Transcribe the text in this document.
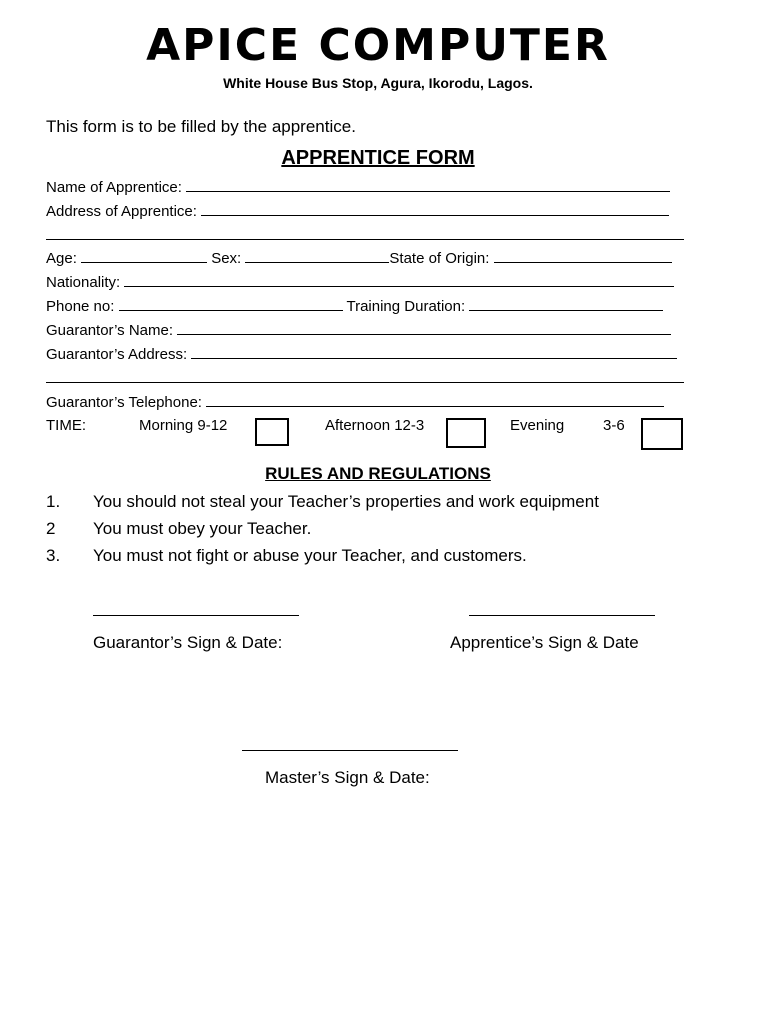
APICE COMPUTER
White House Bus Stop, Agura, Ikorodu, Lagos.
This form is to be filled by the apprentice.
APPRENTICE FORM
Name of Apprentice:
Address of Apprentice:
Age:	Sex:	State of Origin:
Nationality:
Phone no:	Training Duration:
Guarantor’s Name:
Guarantor’s Address:
Guarantor’s Telephone:
TIME:	Morning 9-12	Afternoon 12-3	Evening	3-6
RULES AND REGULATIONS
1. You should not steal your Teacher’s properties and work equipment
2 You must obey your Teacher.
3. You must not fight or abuse your Teacher, and customers.
Guarantor’s Sign & Date:	Apprentice’s Sign & Date
Master’s Sign & Date:
